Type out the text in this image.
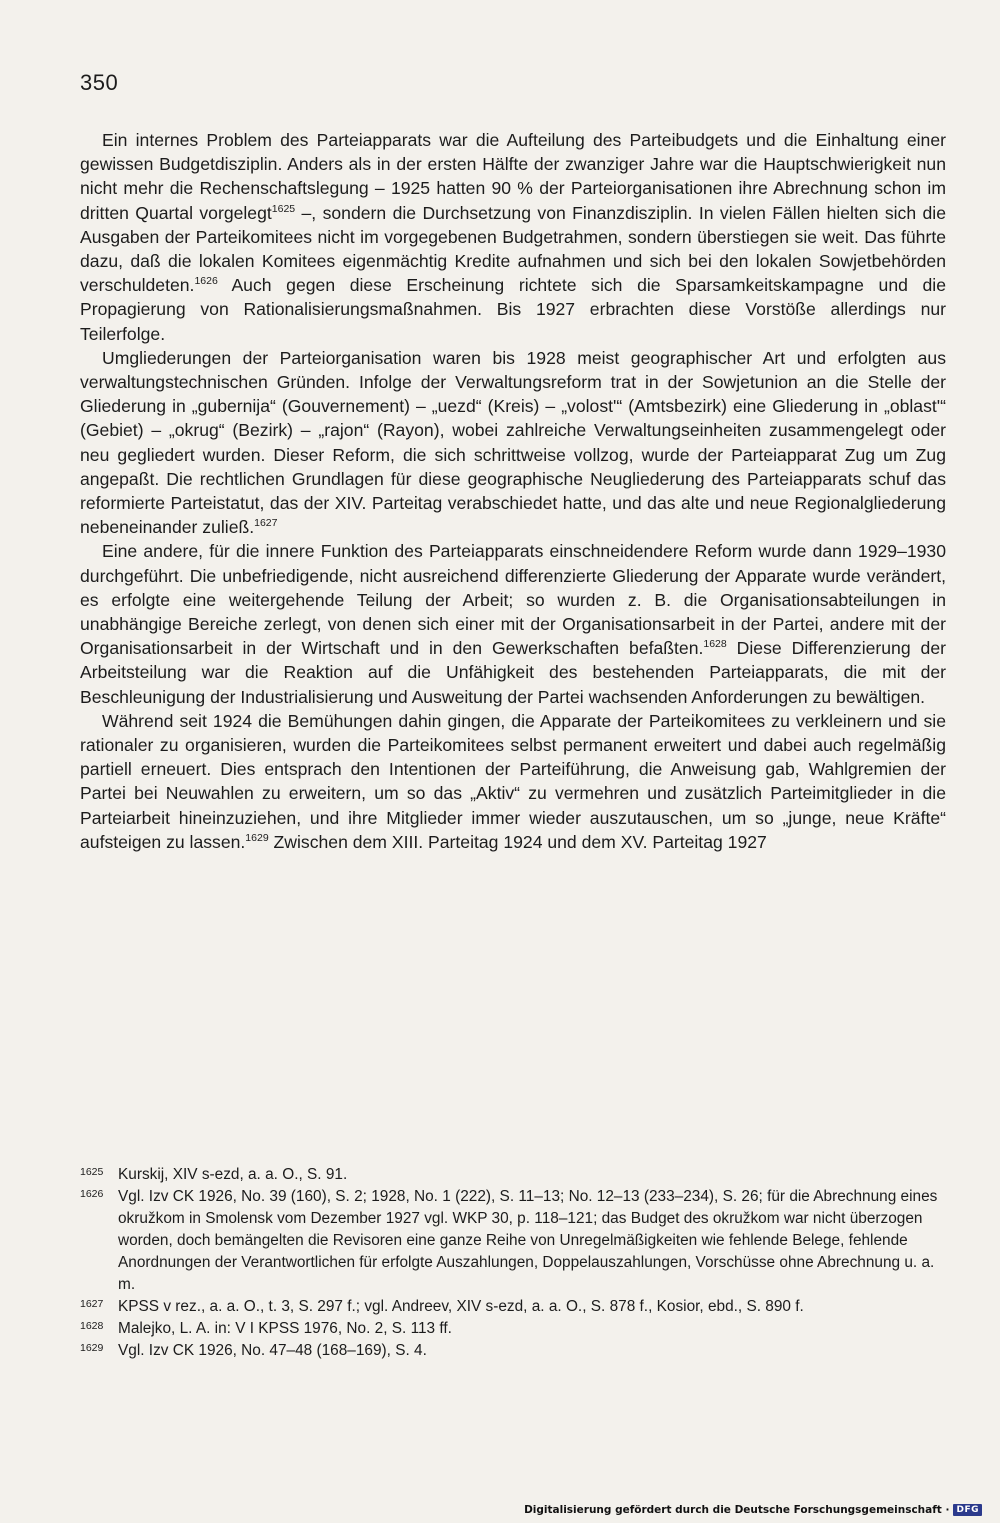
350

Ein internes Problem des Parteiapparats war die Aufteilung des Parteibudgets und die Einhaltung einer gewissen Budgetdisziplin. Anders als in der ersten Hälfte der zwanziger Jahre war die Hauptschwierigkeit nun nicht mehr die Rechenschaftslegung – 1925 hatten 90 % der Parteiorganisationen ihre Abrechnung schon im dritten Quartal vorgelegt$^{1625}$ –, sondern die Durchsetzung von Finanzdisziplin. In vielen Fällen hielten sich die Ausgaben der Parteikomitees nicht im vorgegebenen Budgetrahmen, sondern überstiegen sie weit. Das führte dazu, daß die lokalen Komitees eigenmächtig Kredite aufnahmen und sich bei den lokalen Sowjetbehörden verschuldeten.$^{1626}$ Auch gegen diese Erscheinung richtete sich die Sparsamkeitskampagne und die Propagierung von Rationalisierungsmaßnahmen. Bis 1927 erbrachten diese Vorstöße allerdings nur Teilerfolge.

Umgliederungen der Parteiorganisation waren bis 1928 meist geographischer Art und erfolgten aus verwaltungstechnischen Gründen. Infolge der Verwaltungsreform trat in der Sowjetunion an die Stelle der Gliederung in „gubernija“ (Gouvernement) – „uezd“ (Kreis) – „volost'“ (Amtsbezirk) eine Gliederung in „oblast'“ (Gebiet) – „okrug“ (Bezirk) – „rajon“ (Rayon), wobei zahlreiche Verwaltungseinheiten zusammengelegt oder neu gegliedert wurden. Dieser Reform, die sich schrittweise vollzog, wurde der Parteiapparat Zug um Zug angepaßt. Die rechtlichen Grundlagen für diese geographische Neugliederung des Parteiapparats schuf das reformierte Parteistatut, das der XIV. Parteitag verabschiedet hatte, und das alte und neue Regionalgliederung nebeneinander zuließ.$^{1627}$

Eine andere, für die innere Funktion des Parteiapparats einschneidendere Reform wurde dann 1929–1930 durchgeführt. Die unbefriedigende, nicht ausreichend differenzierte Gliederung der Apparate wurde verändert, es erfolgte eine weitergehende Teilung der Arbeit; so wurden z. B. die Organisationsabteilungen in unabhängige Bereiche zerlegt, von denen sich einer mit der Organisationsarbeit in der Partei, andere mit der Organisationsarbeit in der Wirtschaft und in den Gewerkschaften befaßten.$^{1628}$ Diese Differenzierung der Arbeitsteilung war die Reaktion auf die Unfähigkeit des bestehenden Parteiapparats, die mit der Beschleunigung der Industrialisierung und Ausweitung der Partei wachsenden Anforderungen zu bewältigen.

Während seit 1924 die Bemühungen dahin gingen, die Apparate der Parteikomitees zu verkleinern und sie rationaler zu organisieren, wurden die Parteikomitees selbst permanent erweitert und dabei auch regelmäßig partiell erneuert. Dies entsprach den Intentionen der Parteiführung, die Anweisung gab, Wahlgremien der Partei bei Neuwahlen zu erweitern, um so das „Aktiv“ zu vermehren und zusätzlich Parteimitglieder in die Parteiarbeit hineinzuziehen, und ihre Mitglieder immer wieder auszutauschen, um so „junge, neue Kräfte“ aufsteigen zu lassen.$^{1629}$ Zwischen dem XIII. Parteitag 1924 und dem XV. Parteitag 1927

1625 Kurskij, XIV s-ezd, a. a. O., S. 91.
1626 Vgl. Izv CK 1926, No. 39 (160), S. 2; 1928, No. 1 (222), S. 11–13; No. 12–13 (233–234), S. 26; für die Abrechnung eines okružkom in Smolensk vom Dezember 1927 vgl. WKP 30, p. 118–121; das Budget des okružkom war nicht überzogen worden, doch bemängelten die Revisoren eine ganze Reihe von Unregelmäßigkeiten wie fehlende Belege, fehlende Anordnungen der Verantwortlichen für erfolgte Auszahlungen, Doppelauszahlungen, Vorschüsse ohne Abrechnung u. a. m.
1627 KPSS v rez., a. a. O., t. 3, S. 297 f.; vgl. Andreev, XIV s-ezd, a. a. O., S. 878 f., Kosior, ebd., S. 890 f.
1628 Malejko, L. A. in: V I KPSS 1976, No. 2, S. 113 ff.
1629 Vgl. Izv CK 1926, No. 47–48 (168–169), S. 4.
Digitalisierung gefördert durch die Deutsche Forschungsgemeinschaft · DFG
